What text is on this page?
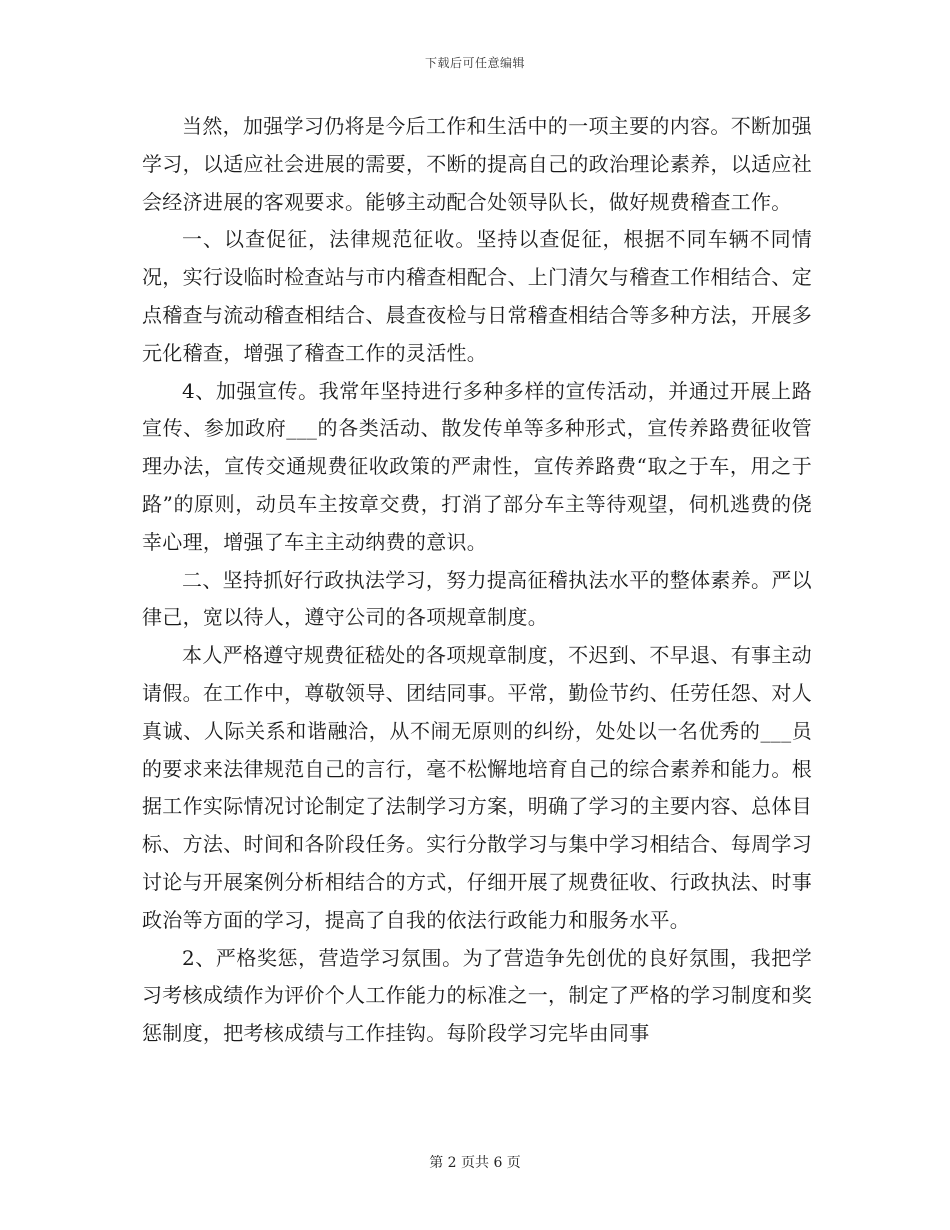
下载后可任意编辑

当然，加强学习仍将是今后工作和生活中的一项主要的内容。不断加强学习，以适应社会进展的需要，不断的提高自己的政治理论素养，以适应社会经济进展的客观要求。能够主动配合处领导队长，做好规费稽查工作。

一、以查促征，法律规范征收。坚持以查促征，根据不同车辆不同情况，实行设临时检查站与市内稽查相配合、上门清欠与稽查工作相结合、定点稽查与流动稽查相结合、晨查夜检与日常稽查相结合等多种方法，开展多元化稽查，增强了稽查工作的灵活性。

4、加强宣传。我常年坚持进行多种多样的宣传活动，并通过开展上路宣传、参加政府___的各类活动、散发传单等多种形式，宣传养路费征收管理办法，宣传交通规费征收政策的严肃性，宣传养路费“取之于车，用之于路”的原则，动员车主按章交费，打消了部分车主等待观望，伺机逃费的侥幸心理，增强了车主主动纳费的意识。

二、坚持抓好行政执法学习，努力提高征稽执法水平的整体素养。严以律己，宽以待人，遵守公司的各项规章制度。

本人严格遵守规费征嵇处的各项规章制度，不迟到、不早退、有事主动请假。在工作中，尊敬领导、团结同事。平常，勤俭节约、任劳任怨、对人真诚、人际关系和谐融洽，从不闹无原则的纠纷，处处以一名优秀的___员的要求来法律规范自己的言行，毫不松懈地培育自己的综合素养和能力。根据工作实际情况讨论制定了法制学习方案，明确了学习的主要内容、总体目标、方法、时间和各阶段任务。实行分散学习与集中学习相结合、每周学习讨论与开展案例分析相结合的方式，仔细开展了规费征收、行政执法、时事政治等方面的学习，提高了自我的依法行政能力和服务水平。

2、严格奖惩，营造学习氛围。为了营造争先创优的良好氛围，我把学习考核成绩作为评价个人工作能力的标准之一，制定了严格的学习制度和奖惩制度，把考核成绩与工作挂钩。每阶段学习完毕由同事

第 2 页共 6 页
